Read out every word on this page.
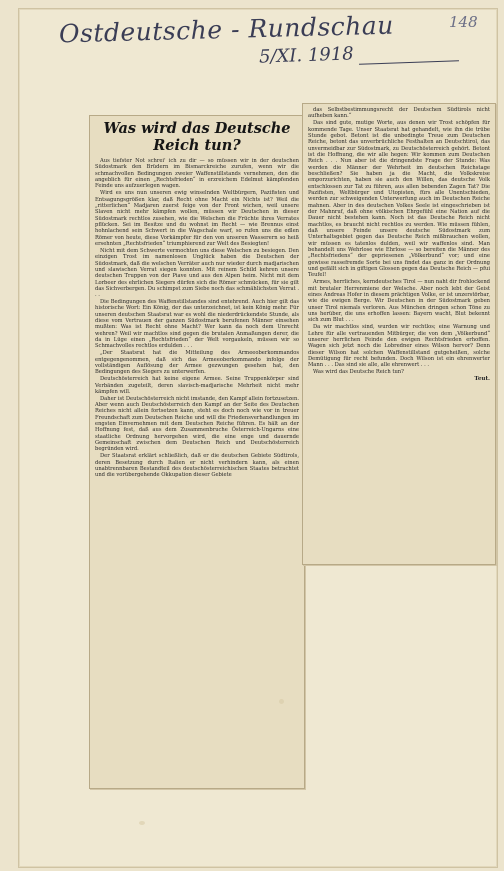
Ostdeutsche - Rundschau	148
5/XI. 1918
Was wird das Deutsche Reich tun?

Aus tiefster Not schrei' ich zu dir — so müssen wir in der deutschen Südostmark den Brüdern im Bismarckreiche zurufen, wenn wir die schmachvollen Bedingungen zweier Waffenstillstands vernehmen, den die angeblich für einen „Rechtsfrieden“ in erzreichem Edelmut kämpfenden Feinde uns aufzuerlegen wagen.

Wird es uns nun unseren ewig winselnden Weltbürgern, Pazifisten und Entsagungsgrößen klar, daß Recht ohne Macht ein Nichts ist? Weil die „ritterlichen“ Madjaren zuerst feige von der Front wichen, weil unsere Slaven nicht mehr kämpfen wollen, müssen wir Deutschen in dieser Südostmark rechtlos zusehen, wie die Welschen die Früchte ihres Verrates pflücken. Sei im Besitze und du wohnst im Recht — wie Brennus einst hohnlachend sein Schwert in die Wagschale warf, so rufen uns die edlen Römer von heute, diese Vorkämpfer für den von unseren Wasserern so heiß ersehnten „Rechtsfrieden“ triumphierend zur Welt des Besiegten!

Nicht mit dem Schwerte vermochten uns diese Welschen zu besiegen. Den einzigen Trost im namenlosen Unglück haben die Deutschen der Südostmark, daß die welschen Verräter auch nur wieder durch madjarischen und slawischen Verrat siegen konnten. Mit reinem Schild kehren unsere deutschen Truppen von der Piave und aus den Alpen heim. Nicht mit dem Lorbeer des ehrlichen Siegers dürfen sich die Römer schmücken, für sie gilt das Sichverbergen. Du schimpst zum Siebe noch das schmählichsten Verrat . . .

Die Bedingungen des Waffenstillstandes sind entehrend. Auch hier gilt das historische Wort: Ein König, der das unterzeichnet, ist kein König mehr. Für unseren deutschen Staatsrat war es wohl die niederdrückendste Stunde, als diese vom Vertrauen der ganzen Südostmark berufenen Männer einsehen mußten: Was ist Recht ohne Macht? Wer kann da noch dem Unrecht wehren? Weil wir machtlos sind gegen die brutalen Anmaßungen derer, die da in Lüge einen „Rechtsfrieden“ der Welt vorgaukeln, müssen wir so Schmachvolles rechtlos erdulden . . .

„Der Staatsrat hat die Mitteilung des Armeeoberkommandos entgegengenommen, daß sich das Armeeoberkommando infolge der vollständigen Auflösung der Armee gezwungen gesehen hat, den Bedingungen des Siegers zu unterwerfen.

Deutschösterreich hat keine eigene Armee. Seine Truppenkörper sind Verbänden zugeteilt, deren slavisch-madjarische Mehrheit nicht mehr kämpfen will.

Daher ist Deutschösterreich nicht imstande, den Kampf allein fortzusetzen. Aber wenn auch Deutschösterreich den Kampf an der Seite des Deutschen Reiches nicht allein fortsetzen kann, steht es doch noch wie vor in treuer Freundschaft zum Deutschen Reiche und will die Friedensverhandlungen im engsten Einvernehmen mit dem Deutschen Reiche führen. Es hält an der Hoffnung fest, daß aus dem Zusammenbruche Österreich-Ungarns eine staatliche Ordnung hervorgehen wird, die eine enge und dauernde Gemeinschaft zwischen dem Deutschen Reich und Deutschösterreich begründen wird.

Der Staatsrat erklärt schließlich, daß er die deutschen Gebiete Südtirols, deren Besetzung durch Italien er nicht verhindern kann, als einen unabtrennbaren Bestandteil des deutschösterreichischen Staates betrachtet und die vorübergehende Okkupation dieser Gebiete

das Selbstbestimmungsrecht der Deutschen Südtirols nicht aufheben kann.“

Das sind gute, mutige Worte, aus denen wir Trost schöpfen für kommende Tage. Unser Staatsrat hat gehandelt, wie ihn die trübe Stunde gebot. Betont ist die unbedingte Treue zum Deutschen Reiche, betont das unverbrüchliche Festhalten an Deutschtirol, das unvermeidbar zur Südostmark, zu Deutschösterreich gehört. Betont ist die Hoffnung, die wir alle hegen: Wir kommen zum Deutschen Reich . . . Nun aber ist die dringendste Frage der Stunde: Was werden die Männer der Wehrheit im deutschen Reichstage beschließen? Sie haben ja die Macht, die Volkskreise emporzurichten, haben sie auch den Willen, das deutsche Volk entschlossen zur Tat zu führen, aus allen bebenden Zagen Tat? Die Pazifisten, Weltbürger und Utopisten, fürs alle Unentschieden, werden zur schweigenden Unterwerfung auch im Deutschen Reiche mahnen. Aber in des deutschen Volkes Seele ist eingeschrieben ist der Mahnruf, daß ohne völkischen Ehrgefühl eine Nation auf die Dauer nicht bestehen kann. Noch ist das Deutsche Reich nicht machtlos, es braucht nicht rechtlos zu werden. Wie müssen fühlen, daß unsere Feinde unsere deutsche Südostmark zum Unterhaltsgebiet gegen das Deutsche Reich mißbrauchen wollen, wir müssen es tatenlos dulden, weil wir waffenlos sind. Man behandelt uns Wehrlose wie Ehrlose — so bereiten die Männer des „Rechtsfriedens“ der gepriesenen „Völkerbund“ vor; und eine gewisse rassefremde Sorte bei uns findet das ganz in der Ordnung und gefällt sich in giftigen Glossen gegen das Deutsche Reich — pfui Teufel!

Armes, herrliches, kerndeutsches Tirol — nun naht dir frohlockend mit brutaler Herrenmiene der Welsche. Aber noch lebt der Geist eines Andreas Hofer in diesem prächtigen Volke, er ist unzerstörbar, wie die ewigen Berge. Wir Deutschen in der Südostmark geben unser Tirol niemals verloren. Aus München dringen schon Töne zu uns herüber, die uns erhoffen lassen: Bayern wacht, Blut bekennt sich zum Blut . . .

Da wir machtlos sind, wurden wir rechtlos; eine Warnung und Lehre für alle vertrauenden Mitbürger, die von dem „Völkerbund“ unserer herrlichen Feinde den ewigen Rechtsfrieden erhoffen. Wagen sich jetzt noch die Lobredner eines Wilson hervor? Denn dieser Wilson hat solchen Waffenstillstand gutgeheißen, solche Demütigung für recht befunden. Doch Wilson ist ein ehrenwerter Mann . . . Das sind sie alle, alle ehrenwert . . .

Was wird das Deutsche Reich tun?

Teut.
